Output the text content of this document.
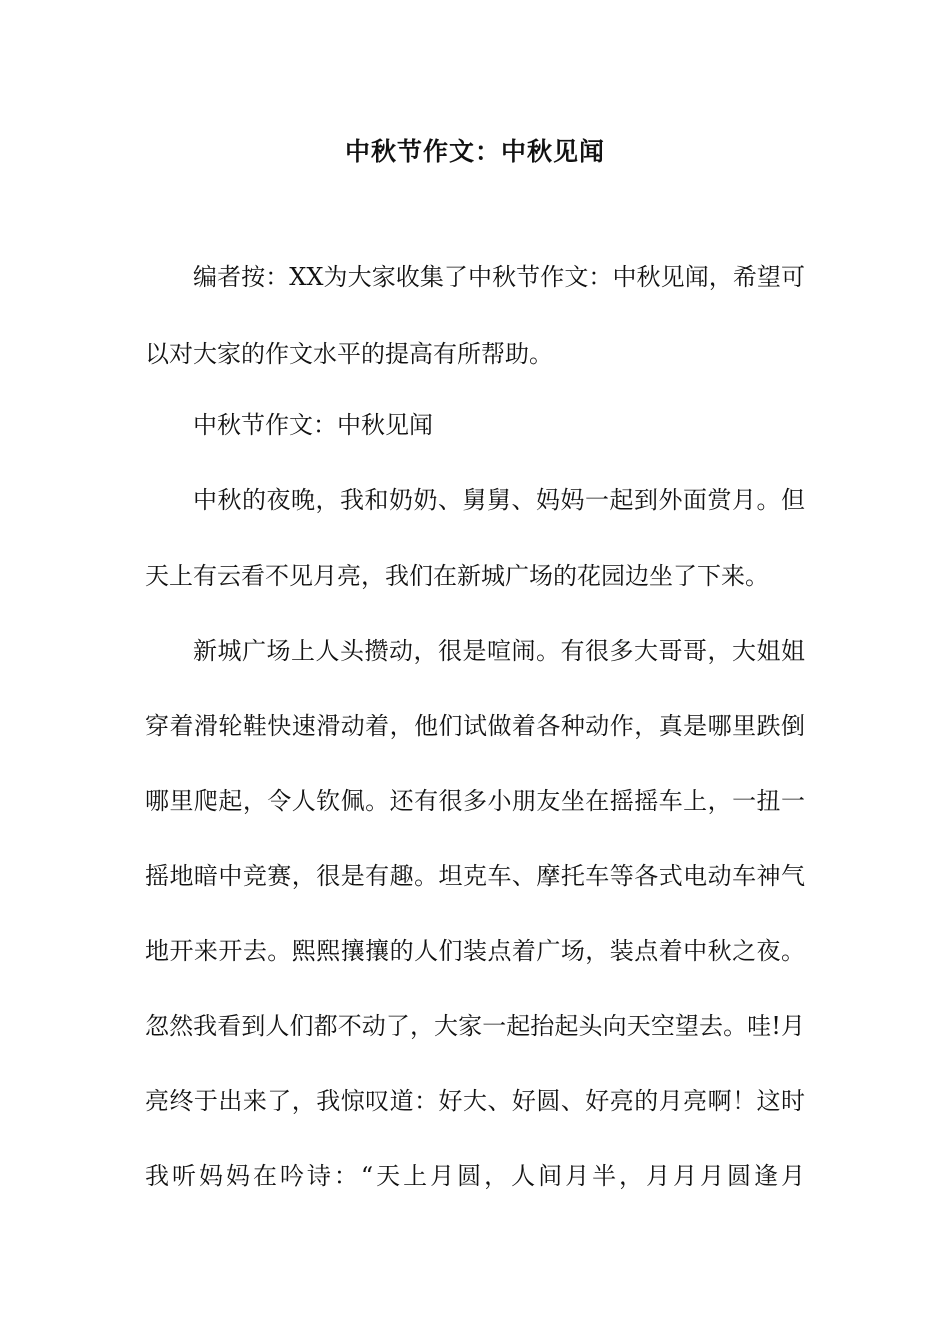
中秋节作文：中秋见闻
编者按：XX为大家收集了中秋节作文：中秋见闻，希望可
以对大家的作文水平的提高有所帮助。
中秋节作文：中秋见闻
中秋的夜晚，我和奶奶、舅舅、妈妈一起到外面赏月。但
天上有云看不见月亮，我们在新城广场的花园边坐了下来。
新城广场上人头攒动，很是喧闹。有很多大哥哥，大姐姐
穿着滑轮鞋快速滑动着，他们试做着各种动作，真是哪里跌倒
哪里爬起，令人钦佩。还有很多小朋友坐在摇摇车上，一扭一
摇地暗中竞赛，很是有趣。坦克车、摩托车等各式电动车神气
地开来开去。熙熙攘攘的人们装点着广场，装点着中秋之夜。
忽然我看到人们都不动了，大家一起抬起头向天空望去。哇!月
亮终于出来了，我惊叹道：好大、好圆、好亮的月亮啊！这时
我听妈妈在吟诗：“天上月圆，人间月半，月月月圆逢月
